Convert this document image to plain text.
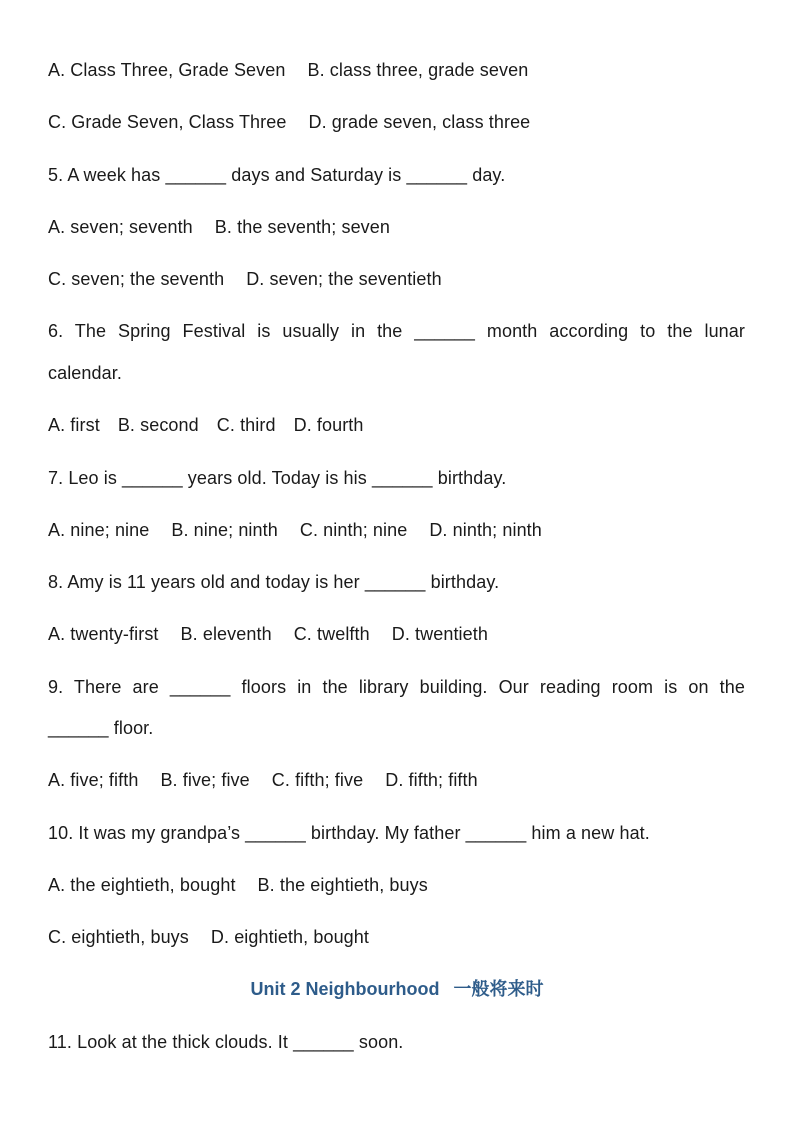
A. Class Three, Grade Seven B. class three, grade seven
C. Grade Seven, Class Three D. grade seven, class three
5. A week has ______ days and Saturday is ______ day.
A. seven; seventh B. the seventh; seven
C. seven; the seventh D. seven; the seventieth
6. The Spring Festival is usually in the ______ month according to the lunar
calendar.
A. first B. second C. third D. fourth
7. Leo is ______ years old. Today is his ______ birthday.
A. nine; nine B. nine; ninth C. ninth; nine D. ninth; ninth
8. Amy is 11 years old and today is her ______ birthday.
A. twenty-first B. eleventh C. twelfth D. twentieth
9. There are ______ floors in the library building. Our reading room is on the
______ floor.
A. five; fifth B. five; five C. fifth; five D. fifth; fifth
10. It was my grandpa’s ______ birthday. My father ______ him a new hat.
A. the eightieth, bought B. the eightieth, buys
C. eightieth, buys D. eightieth, bought
Unit 2 Neighbourhood 一般将来时
11. Look at the thick clouds. It ______ soon.
